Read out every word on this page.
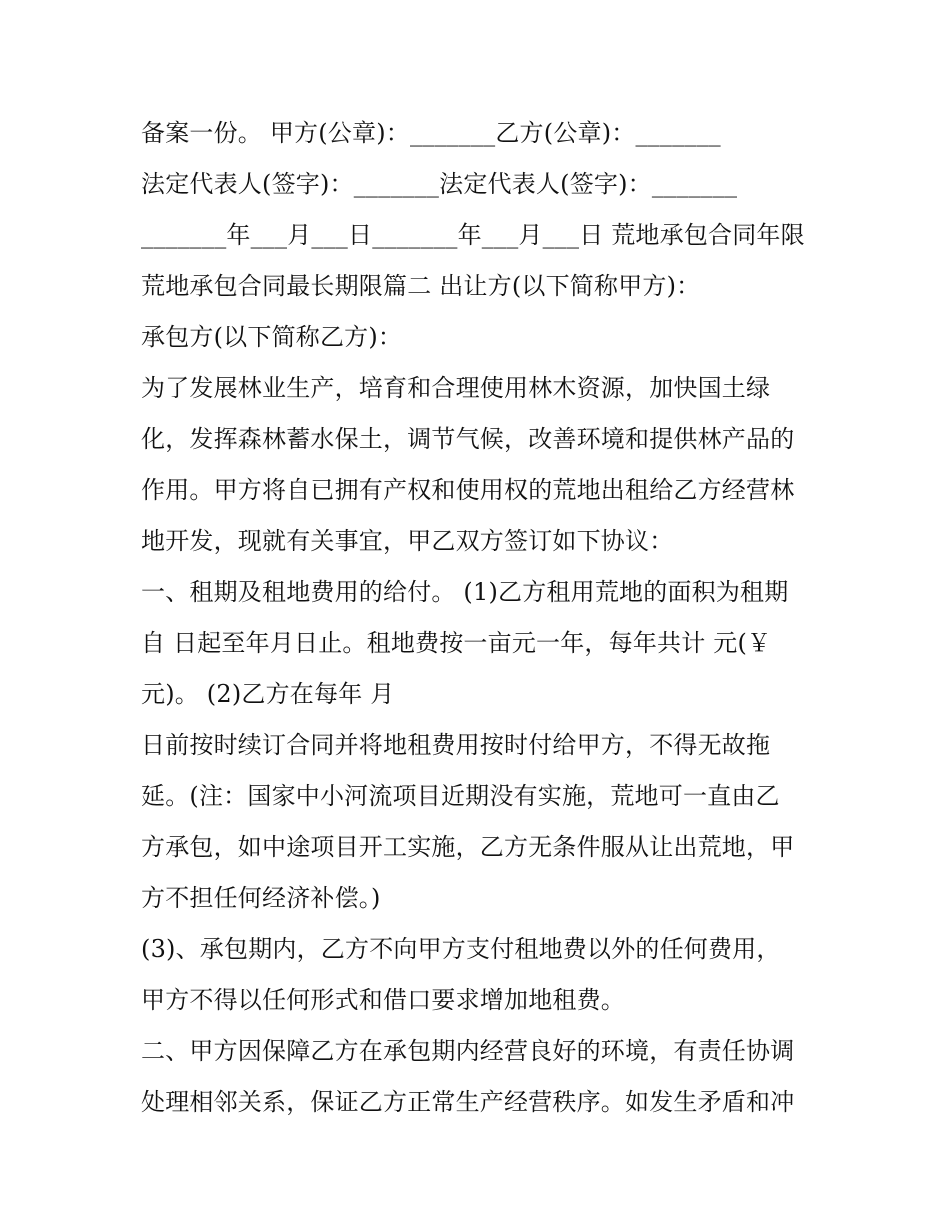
备案一份。 甲方(公章)：_______乙方(公章)：_______
法定代表人(签字)：_______法定代表人(签字)：_______
_______年___月___日_______年___月___日 荒地承包合同年限
荒地承包合同最长期限篇二 出让方(以下简称甲方)：
承包方(以下简称乙方)：
为了发展林业生产，培育和合理使用林木资源，加快国土绿
化，发挥森林蓄水保土，调节气候，改善环境和提供林产品的
作用。甲方将自已拥有产权和使用权的荒地出租给乙方经营林
地开发，现就有关事宜，甲乙双方签订如下协议：
一、租期及租地费用的给付。 (1)乙方租用荒地的面积为租期
自 日起至年月日止。租地费按一亩元一年，每年共计 元(￥
元)。 (2)乙方在每年 月
日前按时续订合同并将地租费用按时付给甲方，不得无故拖
延。(注：国家中小河流项目近期没有实施，荒地可一直由乙
方承包，如中途项目开工实施，乙方无条件服从让出荒地，甲
方不担任何经济补偿。)
(3)、承包期内，乙方不向甲方支付租地费以外的任何费用，
甲方不得以任何形式和借口要求增加地租费。
二、甲方因保障乙方在承包期内经营良好的环境，有责任协调
处理相邻关系，保证乙方正常生产经营秩序。如发生矛盾和冲
